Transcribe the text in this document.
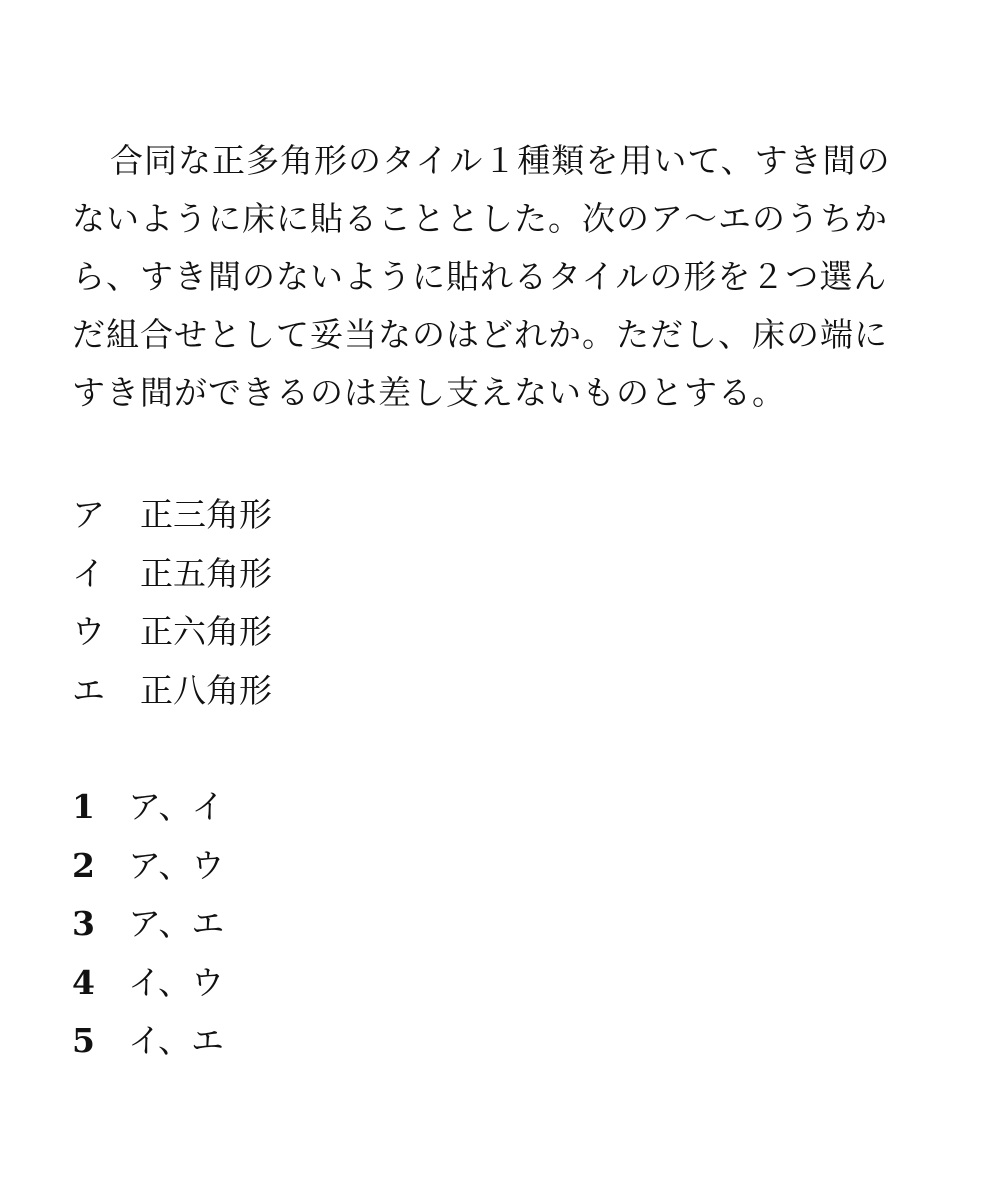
合同な正多角形のタイル１種類を用いて、すき間の
ないように床に貼ることとした。次のア～エのうちか
ら、すき間のないように貼れるタイルの形を２つ選ん
だ組合せとして妥当なのはどれか。ただし、床の端に
すき間ができるのは差し支えないものとする。

ア	正三角形
イ	正五角形
ウ	正六角形
エ	正八角形
1	ア、イ
2	ア、ウ
3	ア、エ
4	イ、ウ
5	イ、エ
